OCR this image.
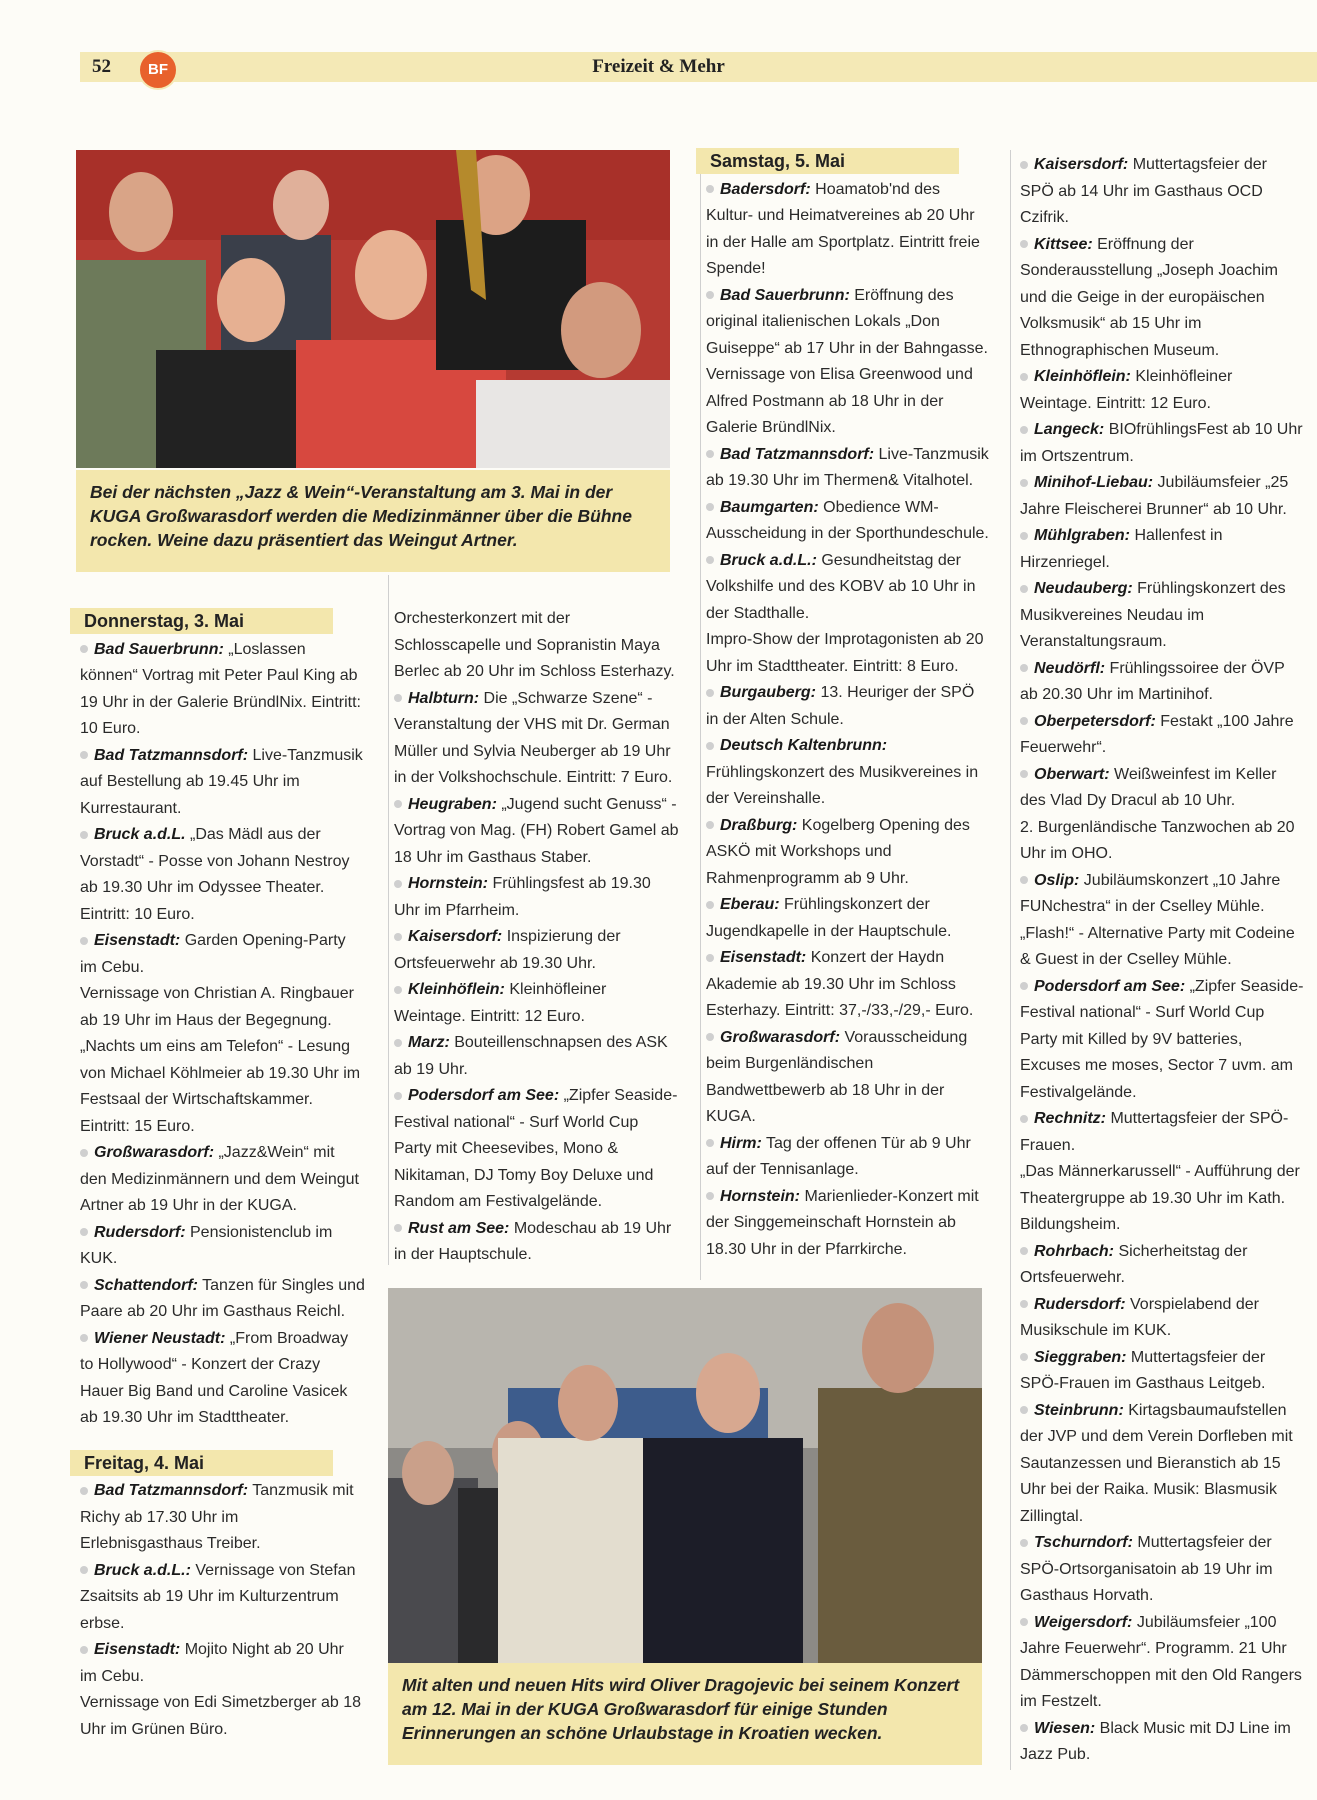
52	BF	Freizeit & Mehr
Bei der nächsten „Jazz & Wein“-Veranstaltung am 3. Mai in der KUGA Großwarasdorf werden die Medizinmänner über die Bühne rocken. Weine dazu präsentiert das Weingut Artner.
Donnerstag, 3. Mai

Bad Sauerbrunn: „Loslassen können“ Vortrag mit Peter Paul King ab 19 Uhr in der Galerie BründlNix. Eintritt: 10 Euro.

Bad Tatzmannsdorf: Live-Tanzmusik auf Bestellung ab 19.45 Uhr im Kurrestaurant.

Bruck a.d.L. „Das Mädl aus der Vorstadt“ - Posse von Johann Nestroy ab 19.30 Uhr im Odyssee Theater. Eintritt: 10 Euro.

Eisenstadt: Garden Opening-Party im Cebu.

Vernissage von Christian A. Ringbauer ab 19 Uhr im Haus der Begegnung.

„Nachts um eins am Telefon“ - Lesung von Michael Köhlmeier ab 19.30 Uhr im Festsaal der Wirtschaftskammer. Eintritt: 15 Euro.

Großwarasdorf: „Jazz&Wein“ mit den Medizinmännern und dem Weingut Artner ab 19 Uhr in der KUGA.

Rudersdorf: Pensionistenclub im KUK.

Schattendorf: Tanzen für Singles und Paare ab 20 Uhr im Gasthaus Reichl.

Wiener Neustadt: „From Broadway to Hollywood“ - Konzert der Crazy Hauer Big Band und Caroline Vasicek ab 19.30 Uhr im Stadttheater.

Freitag, 4. Mai

Bad Tatzmannsdorf: Tanzmusik mit Richy ab 17.30 Uhr im Erlebnisgasthaus Treiber.

Bruck a.d.L.: Vernissage von Stefan Zsaitsits ab 19 Uhr im Kulturzentrum erbse.

Eisenstadt: Mojito Night ab 20 Uhr im Cebu.

Vernissage von Edi Simetzberger ab 18 Uhr im Grünen Büro.

Orchesterkonzert mit der Schlosscapelle und Sopranistin Maya Berlec ab 20 Uhr im Schloss Esterhazy.

Halbturn: Die „Schwarze Szene“ - Veranstaltung der VHS mit Dr. German Müller und Sylvia Neuberger ab 19 Uhr in der Volkshochschule. Eintritt: 7 Euro.

Heugraben: „Jugend sucht Genuss“ - Vortrag von Mag. (FH) Robert Gamel ab 18 Uhr im Gasthaus Staber.

Hornstein: Frühlingsfest ab 19.30 Uhr im Pfarrheim.

Kaisersdorf: Inspizierung der Ortsfeuerwehr ab 19.30 Uhr.

Kleinhöflein: Kleinhöfleiner Weintage. Eintritt: 12 Euro.

Marz: Bouteillenschnapsen des ASK ab 19 Uhr.

Podersdorf am See: „Zipfer Seaside-Festival national“ - Surf World Cup Party mit Cheesevibes, Mono & Nikitaman, DJ Tomy Boy Deluxe und Random am Festivalgelände.

Rust am See: Modeschau ab 19 Uhr in der Hauptschule.

Samstag, 5. Mai

Badersdorf: Hoamatob'nd des Kultur- und Heimatvereines ab 20 Uhr in der Halle am Sportplatz. Eintritt freie Spende!

Bad Sauerbrunn: Eröffnung des original italienischen Lokals „Don Guiseppe“ ab 17 Uhr in der Bahngasse.

Vernissage von Elisa Greenwood und Alfred Postmann ab 18 Uhr in der Galerie BründlNix.

Bad Tatzmannsdorf: Live-Tanzmusik ab 19.30 Uhr im Thermen& Vitalhotel.

Baumgarten: Obedience WM-Ausscheidung in der Sporthundeschule.

Bruck a.d.L.: Gesundheitstag der Volkshilfe und des KOBV ab 10 Uhr in der Stadthalle.

Impro-Show der Improtagonisten ab 20 Uhr im Stadttheater. Eintritt: 8 Euro.

Burgauberg: 13. Heuriger der SPÖ in der Alten Schule.

Deutsch Kaltenbrunn: Frühlingskonzert des Musikvereines in der Vereinshalle.

Draßburg: Kogelberg Opening des ASKÖ mit Workshops und Rahmenprogramm ab 9 Uhr.

Eberau: Frühlingskonzert der Jugendkapelle in der Hauptschule.

Eisenstadt: Konzert der Haydn Akademie ab 19.30 Uhr im Schloss Esterhazy. Eintritt: 37,-/33,-/29,- Euro.

Großwarasdorf: Vorausscheidung beim Burgenländischen Bandwettbewerb ab 18 Uhr in der KUGA.

Hirm: Tag der offenen Tür ab 9 Uhr auf der Tennisanlage.

Hornstein: Marienlieder-Konzert mit der Singgemeinschaft Hornstein ab 18.30 Uhr in der Pfarrkirche.

Kaisersdorf: Muttertagsfeier der SPÖ ab 14 Uhr im Gasthaus OCD Czifrik.

Kittsee: Eröffnung der Sonderausstellung „Joseph Joachim und die Geige in der europäischen Volksmusik“ ab 15 Uhr im Ethnographischen Museum.

Kleinhöflein: Kleinhöfleiner Weintage. Eintritt: 12 Euro.

Langeck: BIOfrühlingsFest ab 10 Uhr im Ortszentrum.

Minihof-Liebau: Jubiläumsfeier „25 Jahre Fleischerei Brunner“ ab 10 Uhr.

Mühlgraben: Hallenfest in Hirzenriegel.

Neudauberg: Frühlingskonzert des Musikvereines Neudau im Veranstaltungsraum.

Neudörfl: Frühlingssoiree der ÖVP ab 20.30 Uhr im Martinihof.

Oberpetersdorf: Festakt „100 Jahre Feuerwehr“.

Oberwart: Weißweinfest im Keller des Vlad Dy Dracul ab 10 Uhr.

2. Burgenländische Tanzwochen ab 20 Uhr im OHO.

Oslip: Jubiläumskonzert „10 Jahre FUNchestra“ in der Cselley Mühle.

„Flash!“ - Alternative Party mit Codeine & Guest in der Cselley Mühle.

Podersdorf am See: „Zipfer Seaside-Festival national“ - Surf World Cup Party mit Killed by 9V batteries, Excuses me moses, Sector 7 uvm. am Festivalgelände.

Rechnitz: Muttertagsfeier der SPÖ-Frauen.

„Das Männerkarussell“ - Aufführung der Theatergruppe ab 19.30 Uhr im Kath. Bildungsheim.

Rohrbach: Sicherheitstag der Ortsfeuerwehr.

Rudersdorf: Vorspielabend der Musikschule im KUK.

Sieggraben: Muttertagsfeier der SPÖ-Frauen im Gasthaus Leitgeb.

Steinbrunn: Kirtagsbaumaufstellen der JVP und dem Verein Dorfleben mit Sautanzessen und Bieranstich ab 15 Uhr bei der Raika. Musik: Blasmusik Zillingtal.

Tschurndorf: Muttertagsfeier der SPÖ-Ortsorganisatoin ab 19 Uhr im Gasthaus Horvath.

Weigersdorf: Jubiläumsfeier „100 Jahre Feuerwehr“. Programm. 21 Uhr Dämmerschoppen mit den Old Rangers im Festzelt.

Wiesen: Black Music mit DJ Line im Jazz Pub.

Mit alten und neuen Hits wird Oliver Dragojevic bei seinem Konzert am 12. Mai in der KUGA Großwarasdorf für einige Stunden Erinnerungen an schöne Urlaubstage in Kroatien wecken.
